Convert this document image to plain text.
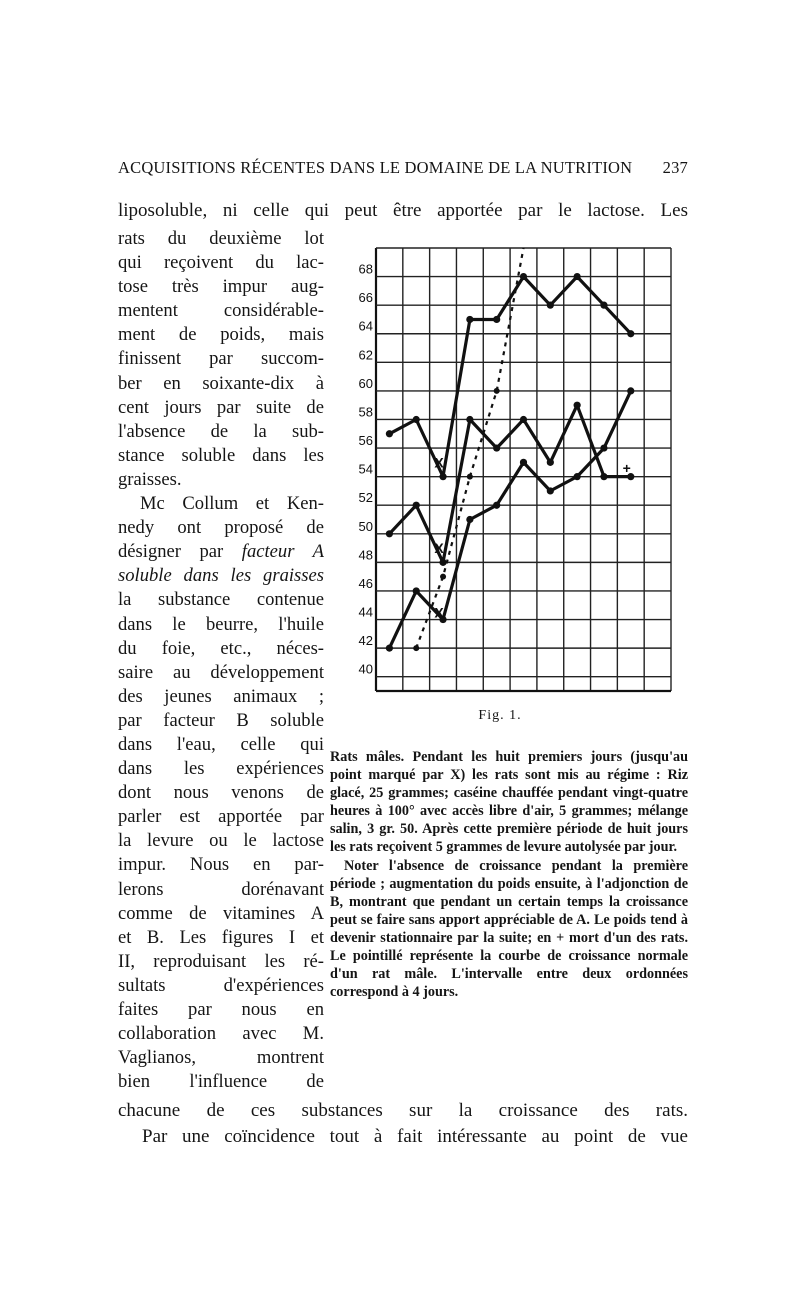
ACQUISITIONS RÉCENTES DANS LE DOMAINE DE LA NUTRITION 237
liposoluble, ni celle qui peut être apportée par le lactose. Les
rats du deuxième lot
qui reçoivent du lac-
tose très impur aug-
mentent considérable-
ment de poids, mais
finissent par succom-
ber en soixante-dix à
cent jours par suite de
l'absence de la sub-
stance soluble dans les
graisses.
Mc Collum et Ken-
nedy ont proposé de
désigner par facteur A
soluble dans les graisses
la substance contenue
dans le beurre, l'huile
du foie, etc., néces-
saire au développement
des jeunes animaux ;
par facteur B soluble
dans l'eau, celle qui
dans les expériences
dont nous venons de
parler est apportée par
la levure ou le lactose
impur. Nous en par-
lerons dorénavant
comme de vitamines A
et B. Les figures I et
II, reproduisant les ré-
sultats d'expériences
faites par nous en
collaboration avec M.
Vaglianos, montrent
bien l'influence de
40
42
44
46
48
50
52
54
56
58
60
62
64
66
68
X
X
X
+
Fig. 1.

Rats mâles. Pendant les huit premiers jours (jusqu'au point marqué par X) les rats sont mis au régime : Riz glacé, 25 grammes; caséine chauffée pendant vingt-quatre heures à 100° avec accès libre d'air, 5 grammes; mélange salin, 3 gr. 50. Après cette première période de huit jours les rats reçoivent 5 grammes de levure autolysée par jour.

Noter l'absence de croissance pendant la première période ; augmentation du poids ensuite, à l'adjonction de B, montrant que pendant un certain temps la croissance peut se faire sans apport appréciable de A. Le poids tend à devenir stationnaire par la suite; en + mort d'un des rats. Le pointillé représente la courbe de croissance normale d'un rat mâle. L'intervalle entre deux ordonnées correspond à 4 jours.

chacune de ces substances sur la croissance des rats.
Par une coïncidence tout à fait intéressante au point de vue
